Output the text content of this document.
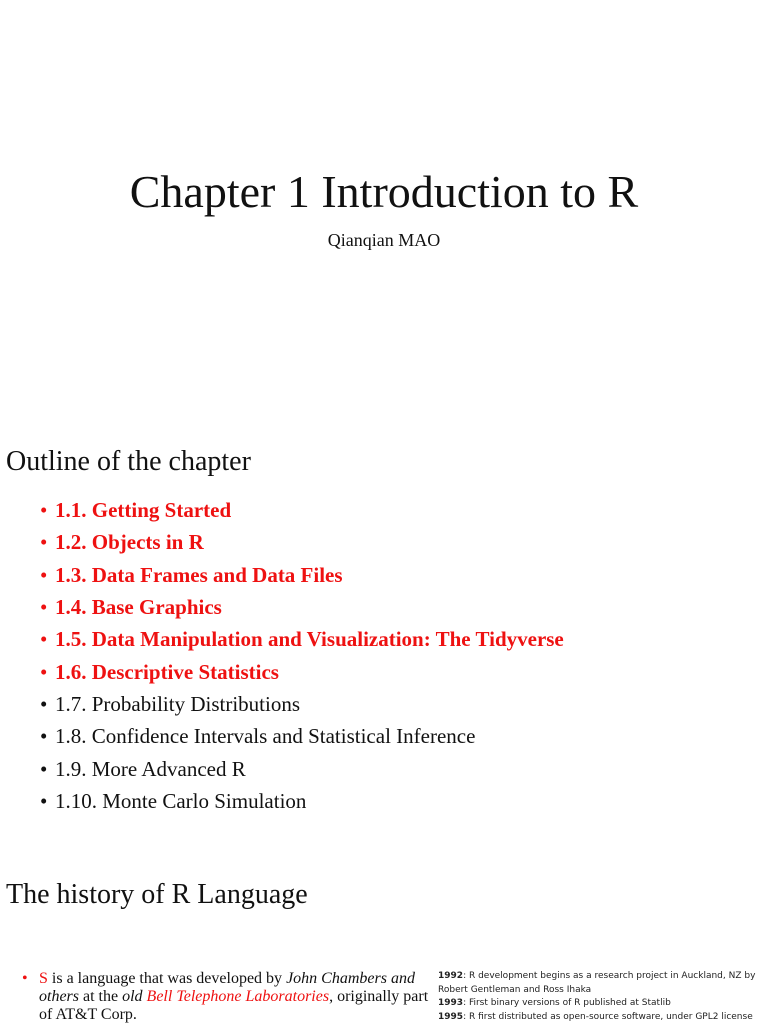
Chapter 1 Introduction to R
Qianqian MAO
Outline of the chapter
• 1.1. Getting Started
• 1.2. Objects in R
• 1.3. Data Frames and Data Files
• 1.4. Base Graphics
• 1.5. Data Manipulation and Visualization: The Tidyverse
• 1.6. Descriptive Statistics
• 1.7. Probability Distributions
• 1.8. Confidence Intervals and Statistical Inference
• 1.9. More Advanced R
• 1.10. Monte Carlo Simulation
The history of R Language
• S is a language that was developed by John Chambers and others at the old Bell Telephone Laboratories, originally part of AT&T Corp.

1992: R development begins as a research project in Auckland, NZ by Robert Gentleman and Ross Ihaka

1993: First binary versions of R published at Statlib

1995: R first distributed as open-source software, under GPL2 license
